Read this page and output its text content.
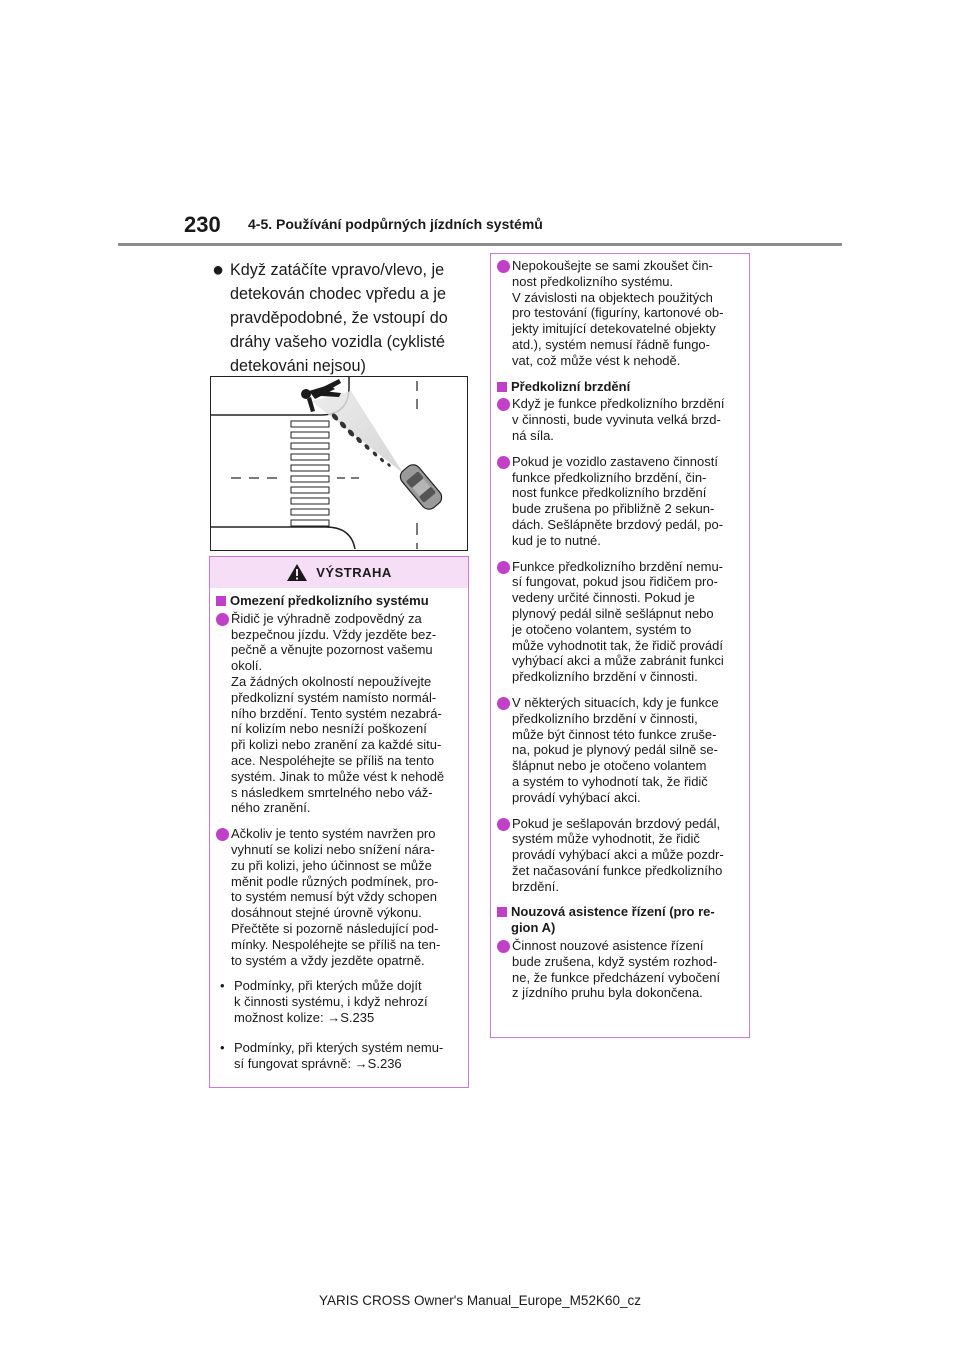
230 4-5. Používání podpůrných jízdních systémů
● Když zatáčíte vpravo/vlevo, je detekován chodec vpředu a je pravděpodobné, že vstoupí do dráhy vašeho vozidla (cyklisté detekováni nejsou)

VÝSTRAHA
Omezení předkolizního systému

Řidič je výhradně zodpovědný za
bezpečnou jízdu. Vždy jezděte bez-
pečně a věnujte pozornost vašemu
okolí.
Za žádných okolností nepoužívejte
předkolizní systém namísto normál-
ního brzdění. Tento systém nezabrá-
ní kolizím nebo nesníží poškození
při kolizi nebo zranění za každé situ-
ace. Nespoléhejte se příliš na tento
systém. Jinak to může vést k nehodě
s následkem smrtelného nebo váž-
ného zranění.

Ačkoliv je tento systém navržen pro
vyhnutí se kolizi nebo snížení nára-
zu při kolizi, jeho účinnost se může
měnit podle různých podmínek, pro-
to systém nemusí být vždy schopen
dosáhnout stejné úrovně výkonu.
Přečtěte si pozorně následující pod-
mínky. Nespoléhejte se příliš na ten-
to systém a vždy jezděte opatrně.

• Podmínky, při kterých může dojít
k činnosti systému, i když nehrozí
možnost kolize: →S.235

• Podmínky, při kterých systém nemu-
sí fungovat správně: →S.236

Nepokoušejte se sami zkoušet čin-
nost předkolizního systému.
V závislosti na objektech použitých
pro testování (figuríny, kartonové ob-
jekty imitující detekovatelné objekty
atd.), systém nemusí řádně fungo-
vat, což může vést k nehodě.

Předkolizní brzdění

Když je funkce předkolizního brzdění
v činnosti, bude vyvinuta velká brzd-
ná síla.

Pokud je vozidlo zastaveno činností
funkce předkolizního brzdění, čin-
nost funkce předkolizního brzdění
bude zrušena po přibližně 2 sekun-
dách. Sešlápněte brzdový pedál, po-
kud je to nutné.

Funkce předkolizního brzdění nemu-
sí fungovat, pokud jsou řidičem pro-
vedeny určité činnosti. Pokud je
plynový pedál silně sešlápnut nebo
je otočeno volantem, systém to
může vyhodnotit tak, že řidič provádí
vyhýbací akci a může zabránit funkci
předkolizního brzdění v činnosti.

V některých situacích, kdy je funkce
předkolizního brzdění v činnosti,
může být činnost této funkce zruše-
na, pokud je plynový pedál silně se-
šlápnut nebo je otočeno volantem
a systém to vyhodnotí tak, že řidič
provádí vyhýbací akci.

Pokud je sešlapován brzdový pedál,
systém může vyhodnotit, že řidič
provádí vyhýbací akci a může pozdr-
žet načasování funkce předkolizního
brzdění.

Nouzová asistence řízení (pro re-
gion A)

Činnost nouzové asistence řízení
bude zrušena, když systém rozhod-
ne, že funkce předcházení vybočení
z jízdního pruhu byla dokončena.

YARIS CROSS Owner's Manual_Europe_M52K60_cz
